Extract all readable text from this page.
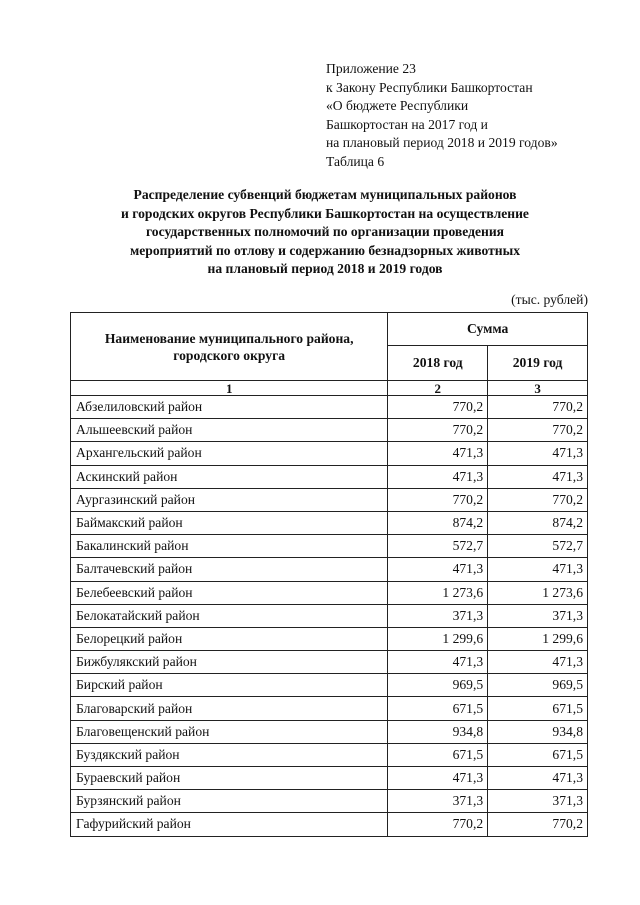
Приложение 23
к Закону Республики Башкортостан
«О бюджете Республики
Башкортостан на 2017 год и
на плановый период 2018 и 2019 годов»
Таблица 6
Распределение субвенций бюджетам муниципальных районов
и городских округов Республики Башкортостан на осуществление
государственных полномочий по организации проведения
мероприятий по отлову и содержанию безнадзорных животных
на плановый период 2018 и 2019 годов
(тыс. рублей)
Наименование муниципального района, городского округа	Сумма	
	2018 год	2019 год
1	2	3
Абзелиловский район	770,2	770,2
Альшеевский район	770,2	770,2
Архангельский район	471,3	471,3
Аскинский район	471,3	471,3
Аургазинский район	770,2	770,2
Баймакский район	874,2	874,2
Бакалинский район	572,7	572,7
Балтачевский район	471,3	471,3
Белебеевский район	1 273,6	1 273,6
Белокатайский район	371,3	371,3
Белорецкий район	1 299,6	1 299,6
Бижбулякский район	471,3	471,3
Бирский район	969,5	969,5
Благоварский район	671,5	671,5
Благовещенский район	934,8	934,8
Буздякский район	671,5	671,5
Бураевский район	471,3	471,3
Бурзянский район	371,3	371,3
Гафурийский район	770,2	770,2
